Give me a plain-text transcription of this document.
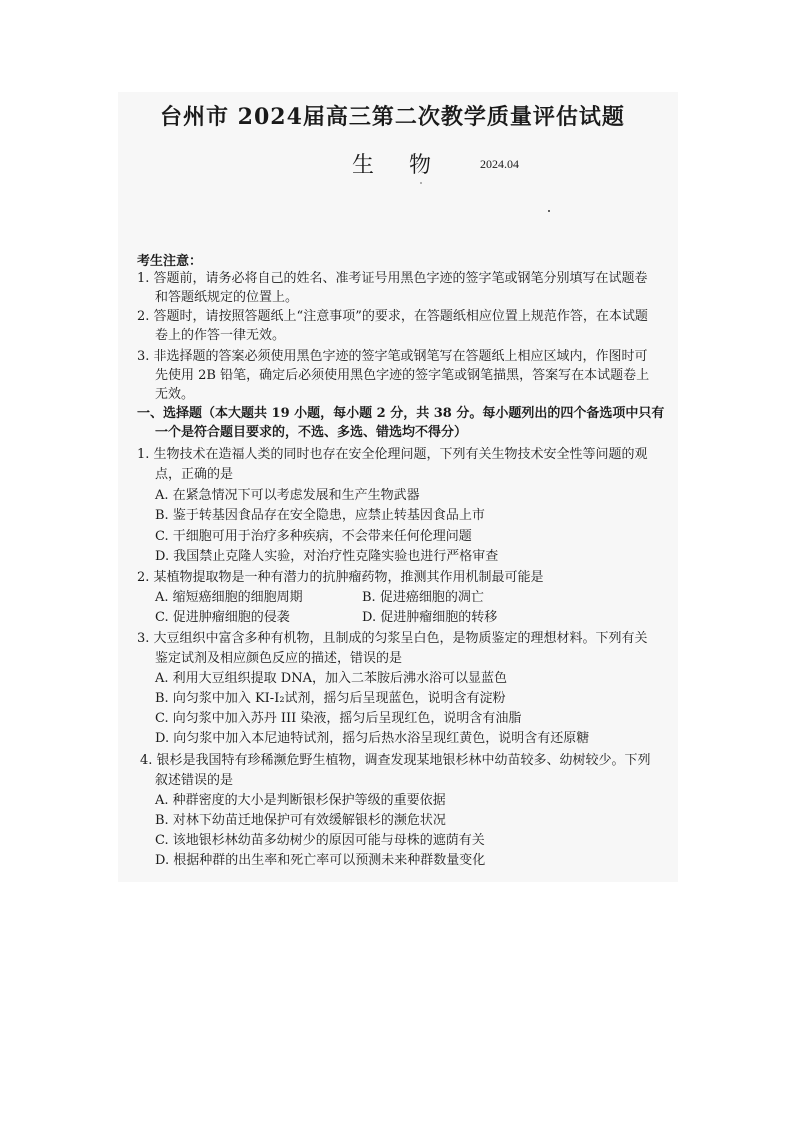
台州市 2024届高三第二次教学质量评估试题
生 物	2024.04
考生注意：
1. 答题前，请务必将自己的姓名、准考证号用黑色字迹的签字笔或钢笔分别填写在试题卷
和答题纸规定的位置上。
2. 答题时，请按照答题纸上“注意事项”的要求，在答题纸相应位置上规范作答，在本试题
卷上的作答一律无效。
3. 非选择题的答案必须使用黑色字迹的签字笔或钢笔写在答题纸上相应区域内，作图时可
先使用 2B 铅笔，确定后必须使用黑色字迹的签字笔或钢笔描黑，答案写在本试题卷上
无效。
一、选择题（本大题共 19 小题，每小题 2 分，共 38 分。每小题列出的四个备选项中只有
一个是符合题目要求的，不选、多选、错选均不得分）
1. 生物技术在造福人类的同时也存在安全伦理问题，下列有关生物技术安全性等问题的观
点，正确的是
A. 在紧急情况下可以考虑发展和生产生物武器
B. 鉴于转基因食品存在安全隐患，应禁止转基因食品上市
C. 干细胞可用于治疗多种疾病，不会带来任何伦理问题
D. 我国禁止克隆人实验，对治疗性克隆实验也进行严格审查
2. 某植物提取物是一种有潜力的抗肿瘤药物，推测其作用机制最可能是
A. 缩短癌细胞的细胞周期	B. 促进癌细胞的凋亡
C. 促进肿瘤细胞的侵袭	D. 促进肿瘤细胞的转移
3. 大豆组织中富含多种有机物，且制成的匀浆呈白色，是物质鉴定的理想材料。下列有关
鉴定试剂及相应颜色反应的描述，错误的是
A. 利用大豆组织提取 DNA，加入二苯胺后沸水浴可以显蓝色
B. 向匀浆中加入 KI-I₂试剂，摇匀后呈现蓝色，说明含有淀粉
C. 向匀浆中加入苏丹 III 染液，摇匀后呈现红色，说明含有油脂
D. 向匀浆中加入本尼迪特试剂，摇匀后热水浴呈现红黄色，说明含有还原糖
4. 银杉是我国特有珍稀濒危野生植物，调查发现某地银杉林中幼苗较多、幼树较少。下列
叙述错误的是
A. 种群密度的大小是判断银杉保护等级的重要依据
B. 对林下幼苗迁地保护可有效缓解银杉的濒危状况
C. 该地银杉林幼苗多幼树少的原因可能与母株的遮荫有关
D. 根据种群的出生率和死亡率可以预测未来种群数量变化
